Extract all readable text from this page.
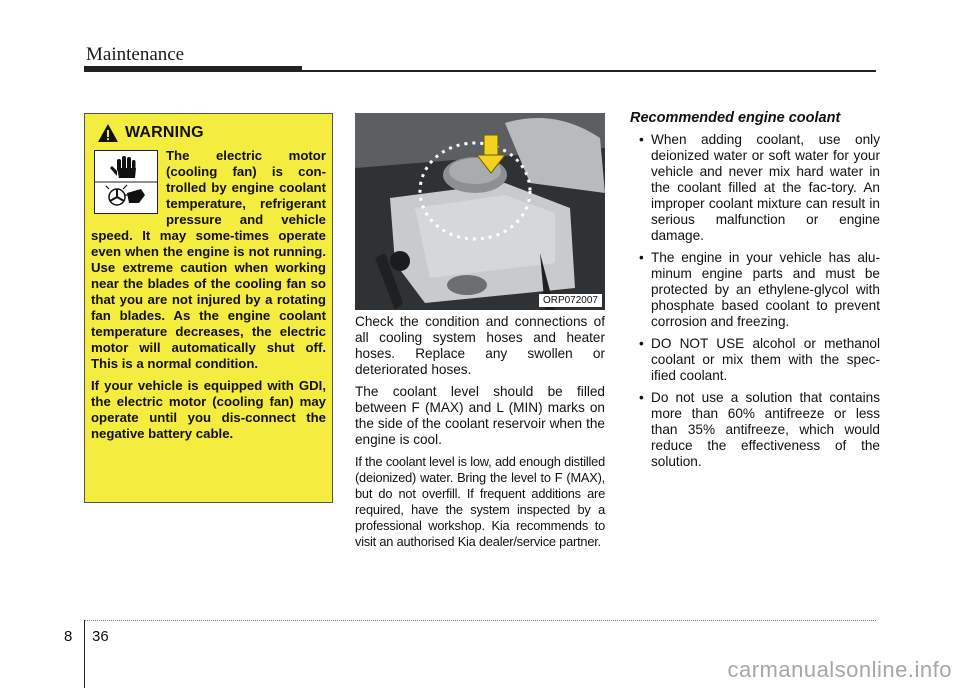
Maintenance
WARNING

The electric motor (cooling fan) is con-trolled by engine coolant temperature, refrigerant pressure and vehicle speed. It may some-times operate even when the engine is not running. Use extreme caution when working near the blades of the cooling fan so that you are not injured by a rotating fan blades. As the engine coolant temperature decreases, the electric motor will automatically shut off. This is a normal condition.

If your vehicle is equipped with GDI, the electric motor (cooling fan) may operate until you dis-connect the negative battery cable.

ORP072007

Check the condition and connections of all cooling system hoses and heater hoses. Replace any swollen or deteriorated hoses.

The coolant level should be filled between F (MAX) and L (MIN) marks on the side of the coolant reservoir when the engine is cool.

If the coolant level is low, add enough distilled (deionized) water. Bring the level to F (MAX), but do not overfill. If frequent additions are required, have the system inspected by a professional workshop. Kia recommends to visit an authorised Kia dealer/service partner.

Recommended engine coolant
• When adding coolant, use only deionized water or soft water for your vehicle and never mix hard water in the coolant filled at the fac-tory. An improper coolant mixture can result in serious malfunction or engine damage.
• The engine in your vehicle has alu-minum engine parts and must be protected by an ethylene-glycol with phosphate based coolant to prevent corrosion and freezing.
• DO NOT USE alcohol or methanol coolant or mix them with the spec-ified coolant.
• Do not use a solution that contains more than 60% antifreeze or less than 35% antifreeze, which would reduce the effectiveness of the solution.
8 36
carmanualsonline.info
